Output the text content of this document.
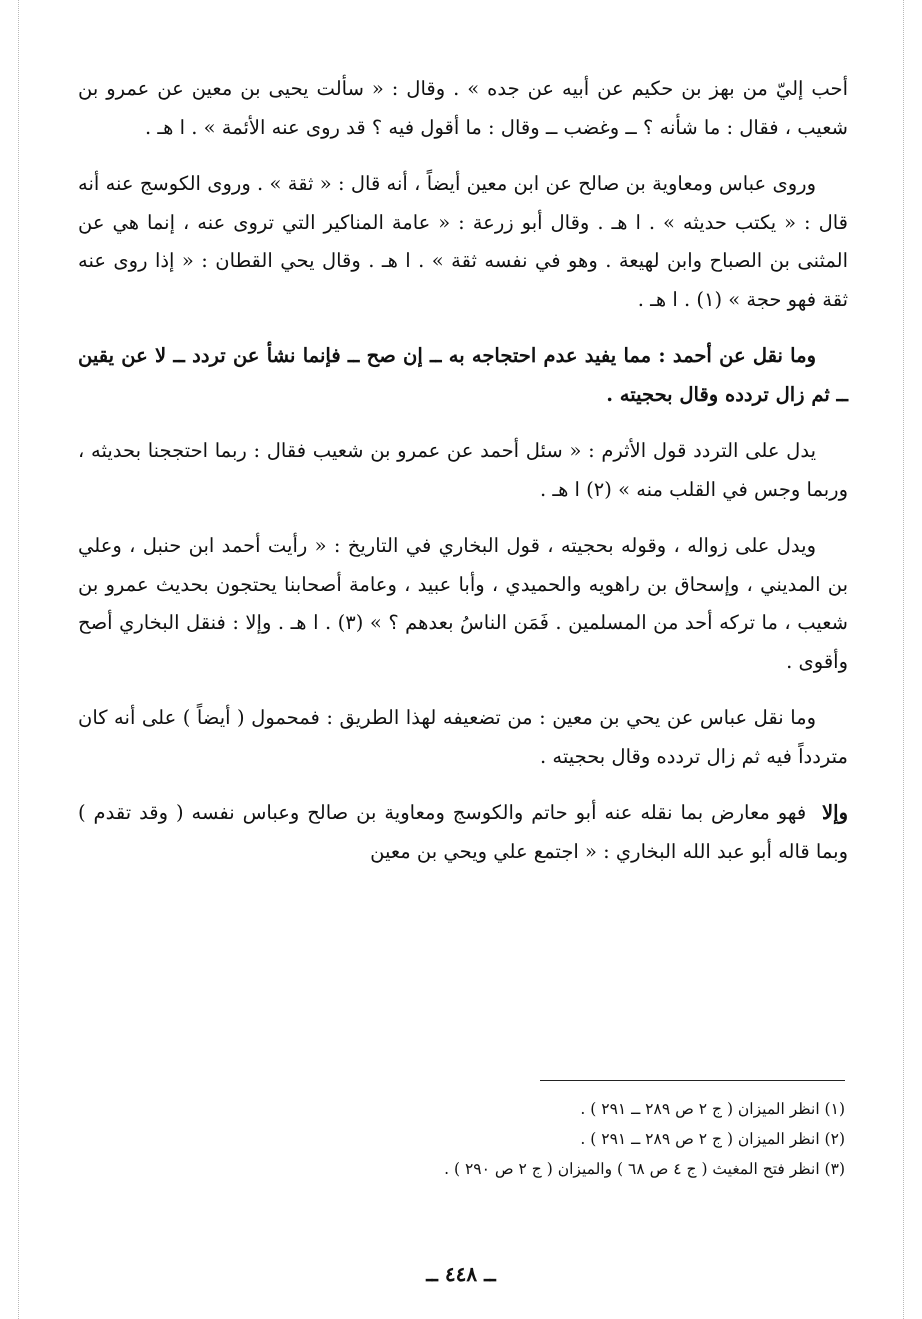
أحب إليّ من بهز بن حكيم عن أبيه عن جده » . وقال : « سألت يحيى بن معين عن عمرو بن شعيب ، فقال : ما شأنه ؟ ــ وغضب ــ وقال : ما أقول فيه ؟ قد روى عنه الأئمة » . ا هـ .

وروى عباس ومعاوية بن صالح عن ابن معين أيضاً ، أنه قال : « ثقة » . وروى الكوسج عنه أنه قال : « يكتب حديثه » . ا هـ . وقال أبو زرعة : « عامة المناكير التي تروى عنه ، إنما هي عن المثنى بن الصباح وابن لهيعة . وهو في نفسه ثقة » . ا هـ . وقال يحي القطان : « إذا روى عنه ثقة فهو حجة » (١) . ا هـ .

وما نقل عن أحمد : مما يفيد عدم احتجاجه به ــ إن صح ــ فإنما نشأ عن تردد ــ لا عن يقين ــ ثم زال تردده وقال بحجيته .

يدل على التردد قول الأثرم : « سئل أحمد عن عمرو بن شعيب فقال : ربما احتججنا بحديثه ، وربما وجس في القلب منه » (٢) ا هـ .

ويدل على زواله ، وقوله بحجيته ، قول البخاري في التاريخ : « رأيت أحمد ابن حنبل ، وعلي بن المديني ، وإسحاق بن راهويه والحميدي ، وأبا عبيد ، وعامة أصحابنا يحتجون بحديث عمرو بن شعيب ، ما تركه أحد من المسلمين . فَمَن الناسُ بعدهم ؟ » (٣) . ا هـ . وإلا : فنقل البخاري أصح وأقوى .

وما نقل عباس عن يحي بن معين : من تضعيفه لهذا الطريق : فمحمول ( أيضاً ) على أنه كان متردداً فيه ثم زال تردده وقال بحجيته .

وإلا  فهو معارض بما نقله عنه أبو حاتم والكوسج ومعاوية بن صالح وعباس نفسه ( وقد تقدم ) وبما قاله أبو عبد الله البخاري : « اجتمع علي ويحي بن معين

(١) انظر الميزان ( ج ٢ ص ٢٨٩ ــ ٢٩١ ) .

(٢) انظر الميزان ( ج ٢ ص ٢٨٩ ــ ٢٩١ ) .

(٣) انظر فتح المغيث ( ج ٤ ص ٦٨ ) والميزان ( ج ٢ ص ٢٩٠ ) .

ــ ٤٤٨ ــ
